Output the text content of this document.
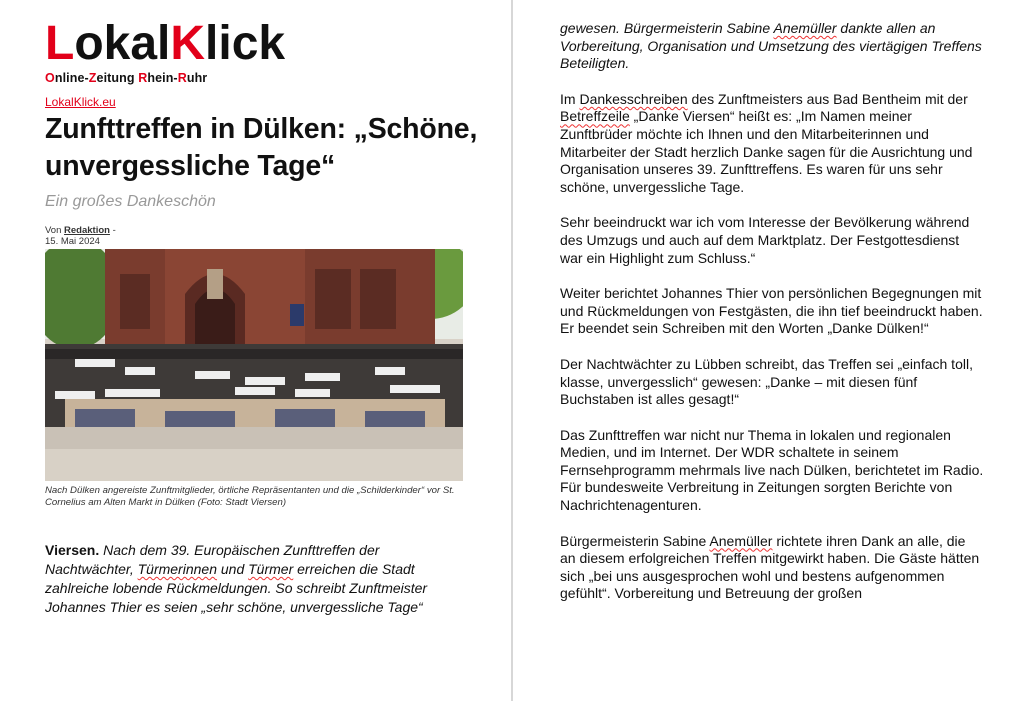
LokalKlick
Online-Zeitung Rhein-Ruhr
LokalKlick.eu
Zunfttreffen in Dülken: „Schöne, unvergessliche Tage“
Ein großes Dankeschön
Von Redaktion -
15. Mai 2024
Nach Dülken angereiste Zunftmitglieder, örtliche Repräsentanten und die „Schilderkinder“ vor St. Cornelius am Alten Markt in Dülken (Foto: Stadt Viersen)
Viersen. Nach dem 39. Europäischen Zunfttreffen der Nachtwächter, Türmerinnen und Türmer erreichen die Stadt zahlreiche lobende Rückmeldungen. So schreibt Zunftmeister Johannes Thier es seien „sehr schöne, unvergessliche Tage“

gewesen. Bürgermeisterin Sabine Anemüller dankte allen an Vorbereitung, Organisation und Umsetzung des viertägigen Treffens Beteiligten.

Im Dankesschreiben des Zunftmeisters aus Bad Bentheim mit der Betreffzeile „Danke Viersen“ heißt es: „Im Namen meiner Zunftbrüder möchte ich Ihnen und den Mitarbeiterinnen und Mitarbeiter der Stadt herzlich Danke sagen für die Ausrichtung und Organisation unseres 39. Zunfttreffens. Es waren für uns sehr schöne, unvergessliche Tage.

Sehr beeindruckt war ich vom Interesse der Bevölkerung während des Umzugs und auch auf dem Marktplatz. Der Festgottesdienst war ein Highlight zum Schluss.“

Weiter berichtet Johannes Thier von persönlichen Begegnungen mit und Rückmeldungen von Festgästen, die ihn tief beeindruckt haben. Er beendet sein Schreiben mit den Worten „Danke Dülken!“

Der Nachtwächter zu Lübben schreibt, das Treffen sei „einfach toll, klasse, unvergesslich“ gewesen: „Danke – mit diesen fünf Buchstaben ist alles gesagt!“

Das Zunfttreffen war nicht nur Thema in lokalen und regionalen Medien, und im Internet. Der WDR schaltete in seinem Fernsehprogramm mehrmals live nach Dülken, berichtetet im Radio. Für bundesweite Verbreitung in Zeitungen sorgten Berichte von Nachrichtenagenturen.

Bürgermeisterin Sabine Anemüller richtete ihren Dank an alle, die an diesem erfolgreichen Treffen mitgewirkt haben. Die Gäste hätten sich „bei uns ausgesprochen wohl und bestens aufgenommen gefühlt“. Vorbereitung und Betreuung der großen
